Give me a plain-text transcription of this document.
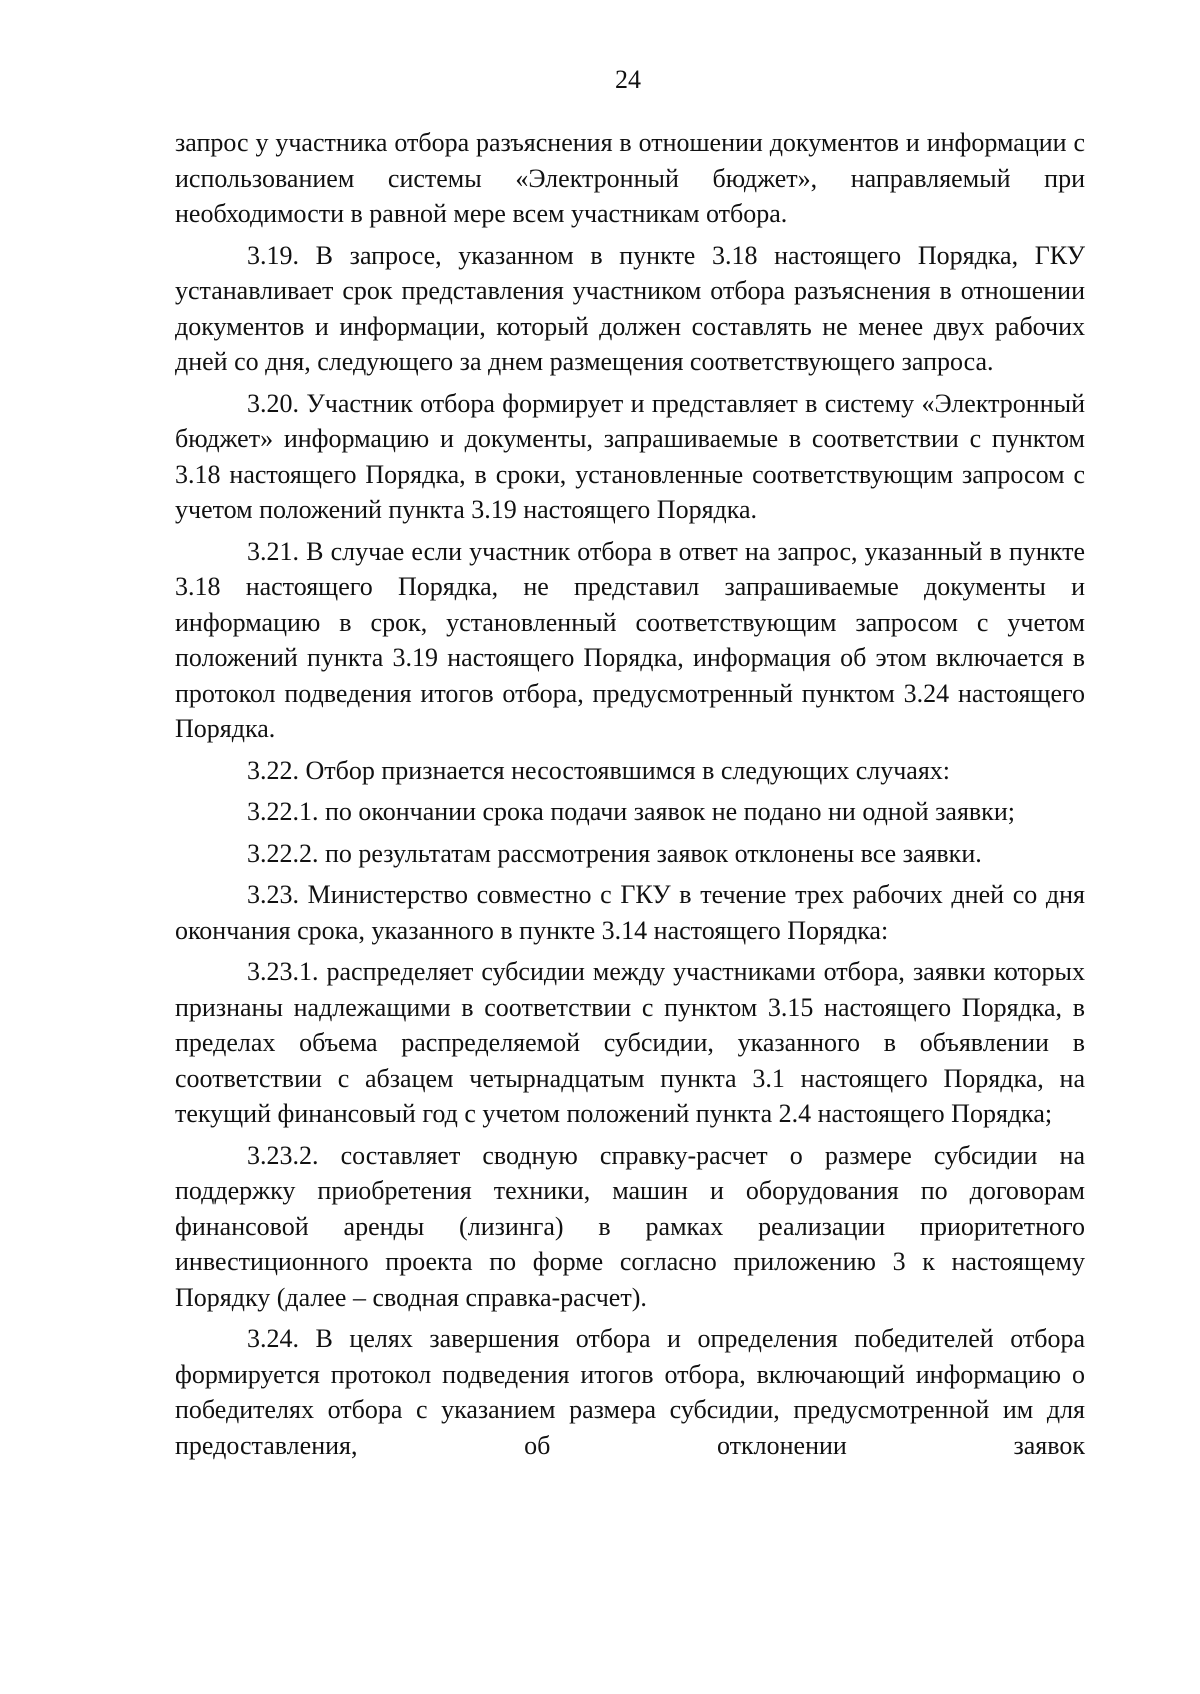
24

запрос у участника отбора разъяснения в отношении документов и информации с использованием системы «Электронный бюджет», направляемый при необходимости в равной мере всем участникам отбора.

3.19. В запросе, указанном в пункте 3.18 настоящего Порядка, ГКУ устанавливает срок представления участником отбора разъяснения в отношении документов и информации, который должен составлять не менее двух рабочих дней со дня, следующего за днем размещения соответствующего запроса.

3.20. Участник отбора формирует и представляет в систему «Электронный бюджет» информацию и документы, запрашиваемые в соответствии с пунктом 3.18 настоящего Порядка, в сроки, установленные соответствующим запросом с учетом положений пункта 3.19 настоящего Порядка.

3.21. В случае если участник отбора в ответ на запрос, указанный в пункте 3.18 настоящего Порядка, не представил запрашиваемые документы и информацию в срок, установленный соответствующим запросом с учетом положений пункта 3.19 настоящего Порядка, информация об этом включается в протокол подведения итогов отбора, предусмотренный пунктом 3.24 настоящего Порядка.

3.22. Отбор признается несостоявшимся в следующих случаях:

3.22.1. по окончании срока подачи заявок не подано ни одной заявки;

3.22.2. по результатам рассмотрения заявок отклонены все заявки.

3.23. Министерство совместно с ГКУ в течение трех рабочих дней со дня окончания срока, указанного в пункте 3.14 настоящего Порядка:

3.23.1. распределяет субсидии между участниками отбора, заявки которых признаны надлежащими в соответствии с пунктом 3.15 настоящего Порядка, в пределах объема распределяемой субсидии, указанного в объявлении в соответствии с абзацем четырнадцатым пункта 3.1 настоящего Порядка, на текущий финансовый год с учетом положений пункта 2.4 настоящего Порядка;

3.23.2. составляет сводную справку-расчет о размере субсидии на поддержку приобретения техники, машин и оборудования по договорам финансовой аренды (лизинга) в рамках реализации приоритетного инвестиционного проекта по форме согласно приложению 3 к настоящему Порядку (далее – сводная справка-расчет).

3.24. В целях завершения отбора и определения победителей отбора формируется протокол подведения итогов отбора, включающий информацию о победителях отбора с указанием размера субсидии, предусмотренной им для предоставления, об отклонении заявок
